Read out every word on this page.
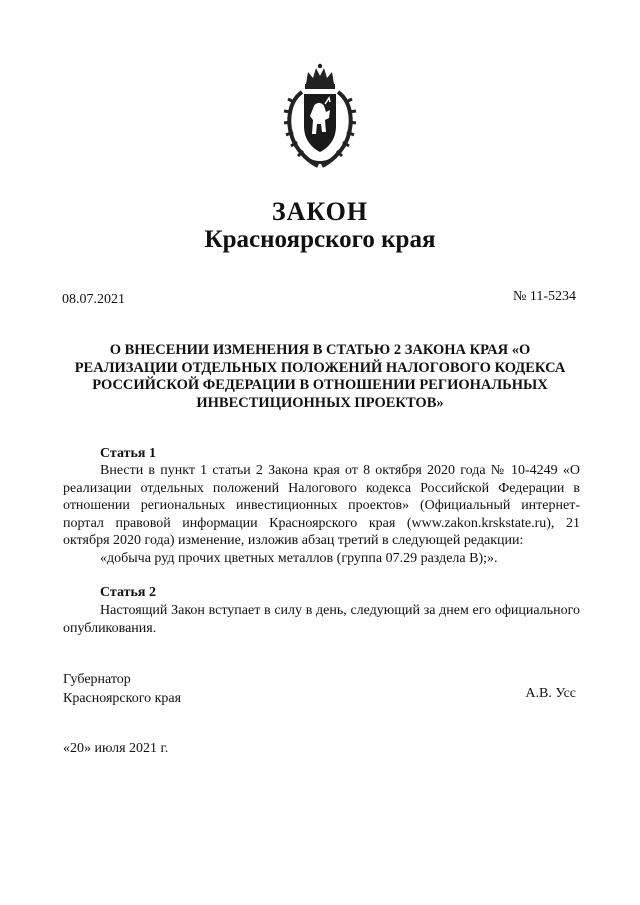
ЗАКОН
Красноярского края
08.07.2021	№ 11-5234

О ВНЕСЕНИИ ИЗМЕНЕНИЯ В СТАТЬЮ 2 ЗАКОНА КРАЯ «О РЕАЛИЗАЦИИ ОТДЕЛЬНЫХ ПОЛОЖЕНИЙ НАЛОГОВОГО КОДЕКСА РОССИЙСКОЙ ФЕДЕРАЦИИ В ОТНОШЕНИИ РЕГИОНАЛЬНЫХ ИНВЕСТИЦИОННЫХ ПРОЕКТОВ»

Статья 1

Внести в пункт 1 статьи 2 Закона края от 8 октября 2020 года № 10-4249 «О реализации отдельных положений Налогового кодекса Российской Федерации в отношении региональных инвестиционных проектов» (Официальный интернет-портал правовой информации Красноярского края (www.zakon.krskstate.ru), 21 октября 2020 года) изменение, изложив абзац третий в следующей редакции:

«добыча руд прочих цветных металлов (группа 07.29 раздела В);».

Статья 2

Настоящий Закон вступает в силу в день, следующий за днем его официального опубликования.

Губернатор
Красноярского края	А.В. Усс
«20» июля 2021 г.
